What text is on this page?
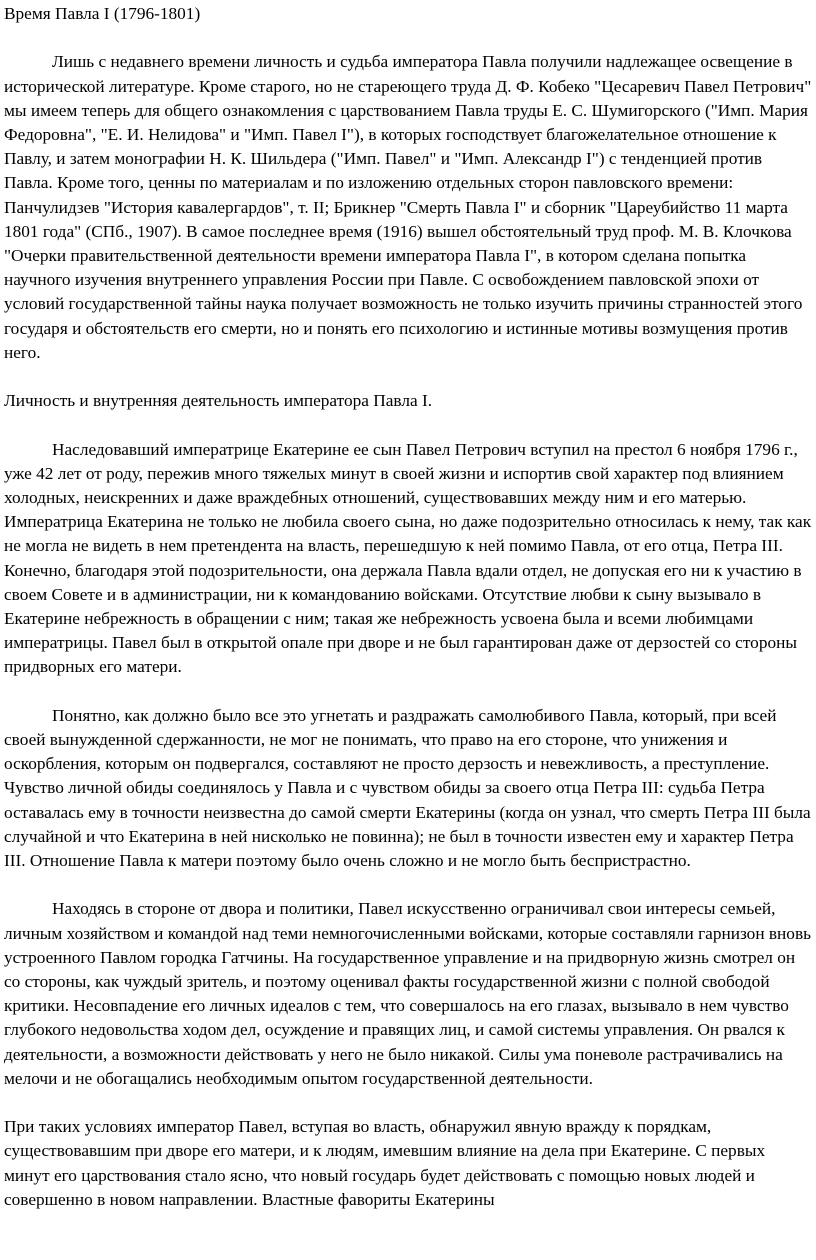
Время Павла I (1796-1801)

Лишь с недавнего времени личность и судьба императора Павла получили надлежащее освещение в исторической литературе. Кроме старого, но не стареющего труда Д. Ф. Кобеко "Цесаревич Павел Петрович" мы имеем теперь для общего ознакомления с царствованием Павла труды Е. С. Шумигорского ("Имп. Мария Федоровна", "Е. И. Нелидова" и "Имп. Павел I"), в которых господствует благожелательное отношение к Павлу, и затем монографии Н. К. Шильдера ("Имп. Павел" и "Имп. Александр I") с тенденцией против Павла. Кроме того, ценны по материалам и по изложению отдельных сторон павловского времени: Панчулидзев "История кавалергардов", т. II; Брикнер "Смерть Павла I" и сборник "Цареубийство 11 марта 1801 года" (СПб., 1907). В самое последнее время (1916) вышел обстоятельный труд проф. М. В. Клочкова "Очерки правительственной деятельности времени императора Павла I", в котором сделана попытка научного изучения внутреннего управления России при Павле. С освобождением павловской эпохи от условий государственной тайны наука получает возможность не только изучить причины странностей этого государя и обстоятельств его смерти, но и понять его психологию и истинные мотивы возмущения против него.

Личность и внутренняя деятельность императора Павла I.

Наследовавший императрице Екатерине ее сын Павел Петрович вступил на престол 6 ноября 1796 г., уже 42 лет от роду, пережив много тяжелых минут в своей жизни и испортив свой характер под влиянием холодных, неискренних и даже враждебных отношений, существовавших между ним и его матерью. Императрица Екатерина не только не любила своего сына, но даже подозрительно относилась к нему, так как не могла не видеть в нем претендента на власть, перешедшую к ней помимо Павла, от его отца, Петра III. Конечно, благодаря этой подозрительности, она держала Павла вдали отдел, не допуская его ни к участию в своем Совете и в администрации, ни к командованию войсками. Отсутствие любви к сыну вызывало в Екатерине небрежность в обращении с ним; такая же небрежность усвоена была и всеми любимцами императрицы. Павел был в открытой опале при дворе и не был гарантирован даже от дерзостей со стороны придворных его матери.

Понятно, как должно было все это угнетать и раздражать самолюбивого Павла, который, при всей своей вынужденной сдержанности, не мог не понимать, что право на его стороне, что унижения и оскорбления, которым он подвергался, составляют не просто дерзость и невежливость, а преступление. Чувство личной обиды соединялось у Павла и с чувством обиды за своего отца Петра III: судьба Петра оставалась ему в точности неизвестна до самой смерти Екатерины (когда он узнал, что смерть Петра III была случайной и что Екатерина в ней нисколько не повинна); не был в точности известен ему и характер Петра III. Отношение Павла к матери поэтому было очень сложно и не могло быть беспристрастно.

Находясь в стороне от двора и политики, Павел искусственно ограничивал свои интересы семьей, личным хозяйством и командой над теми немногочисленными войсками, которые составляли гарнизон вновь устроенного Павлом городка Гатчины. На государственное управление и на придворную жизнь смотрел он со стороны, как чуждый зритель, и поэтому оценивал факты государственной жизни с полной свободой критики. Несовпадение его личных идеалов с тем, что совершалось на его глазах, вызывало в нем чувство глубокого недовольства ходом дел, осуждение и правящих лиц, и самой системы управления. Он рвался к деятельности, а возможности действовать у него не было никакой. Силы ума поневоле растрачивались на мелочи и не обогащались необходимым опытом государственной деятельности.

При таких условиях император Павел, вступая во власть, обнаружил явную вражду к порядкам, существовавшим при дворе его матери, и к людям, имевшим влияние на дела при Екатерине. С первых минут его царствования стало ясно, что новый государь будет действовать с помощью новых людей и совершенно в новом направлении. Властные фавориты Екатерины
